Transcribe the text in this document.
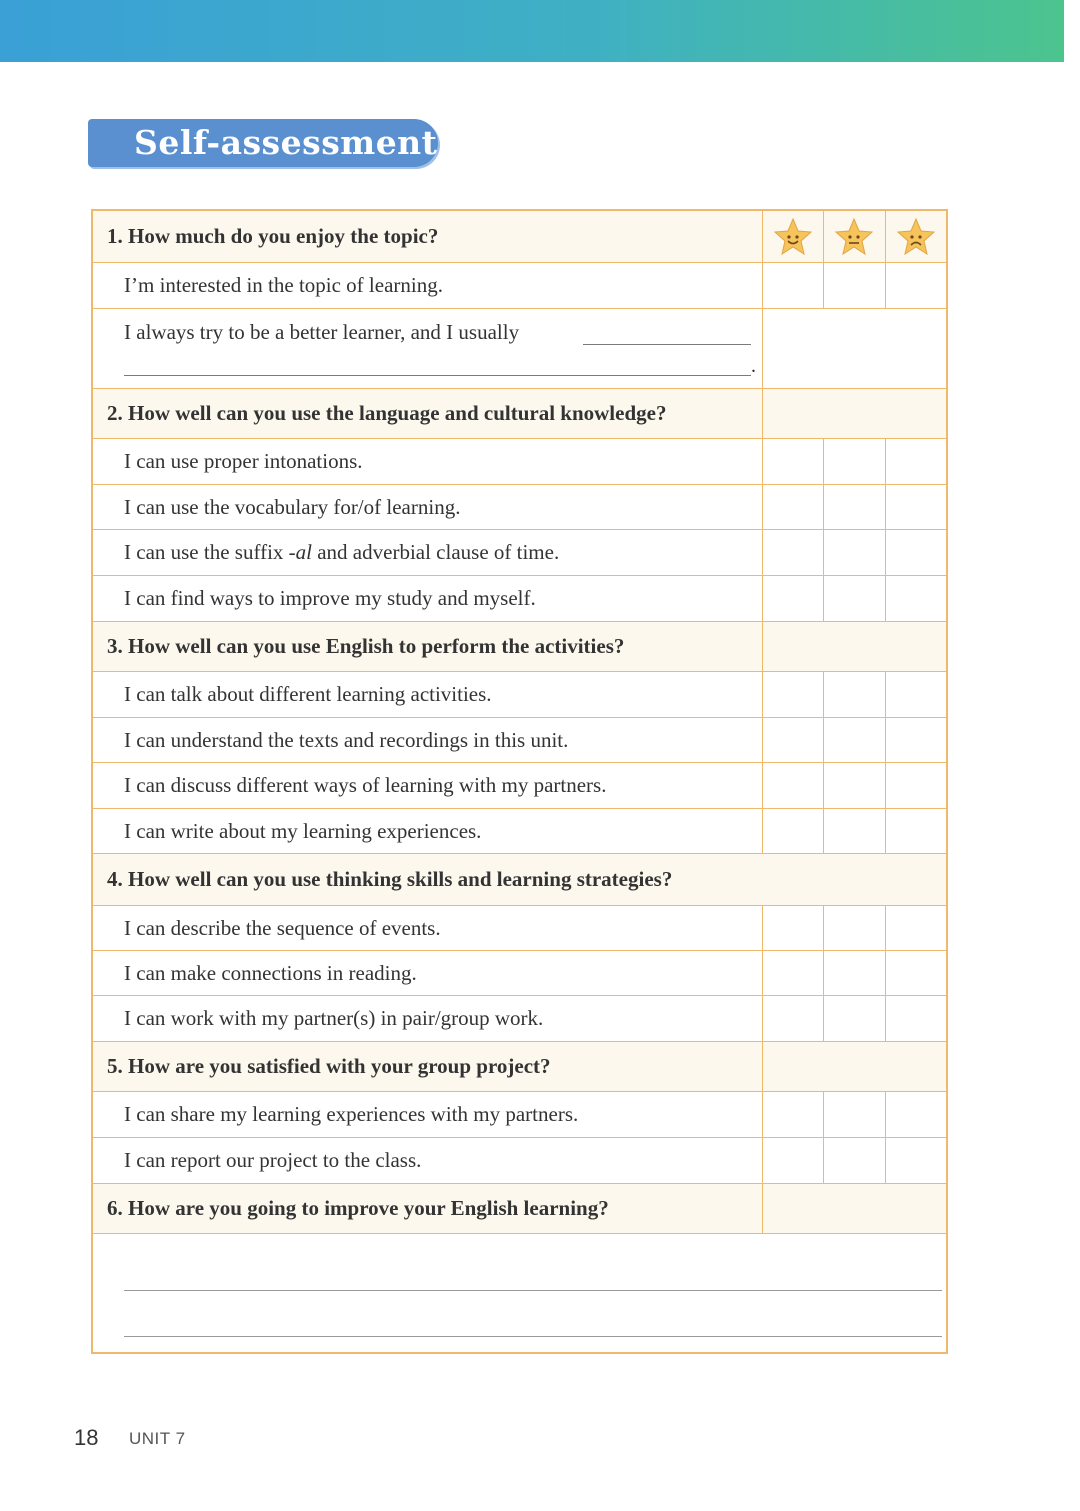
Self-assessment
1. How much do you enjoy the topic?
I’m interested in the topic of learning.
I always try to be a better learner, and I usually
.
2. How well can you use the language and cultural knowledge?
I can use proper intonations.
I can use the vocabulary for/of learning.
I can use the suffix -al and adverbial clause of time.
I can find ways to improve my study and myself.
3. How well can you use English to perform the activities?
I can talk about different learning activities.
I can understand the texts and recordings in this unit.
I can discuss different ways of learning with my partners.
I can write about my learning experiences.
4. How well can you use thinking skills and learning strategies?
I can describe the sequence of events.
I can make connections in reading.
I can work with my partner(s) in pair/group work.
5. How are you satisfied with your group project?
I can share my learning experiences with my partners.
I can report our project to the class.
6. How are you going to improve your English learning?
18 UNIT 7
